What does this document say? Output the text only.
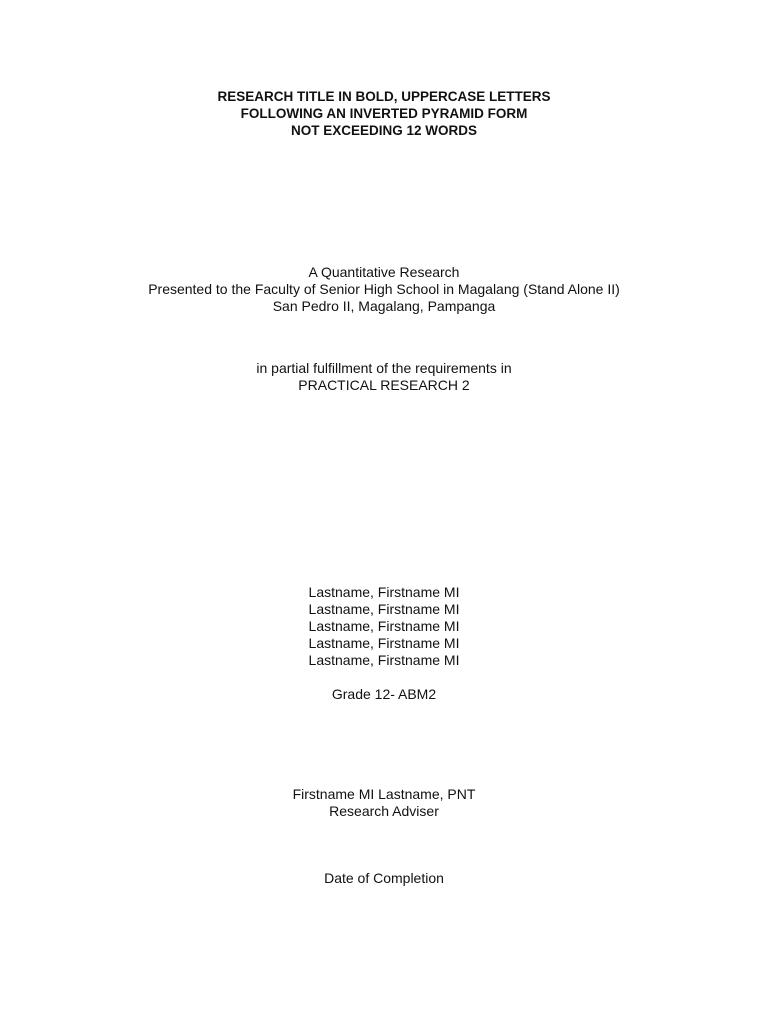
RESEARCH TITLE IN BOLD, UPPERCASE LETTERS
FOLLOWING AN INVERTED PYRAMID FORM
NOT EXCEEDING 12 WORDS
A Quantitative Research
Presented to the Faculty of Senior High School in Magalang (Stand Alone II)
San Pedro II, Magalang, Pampanga
in partial fulfillment of the requirements in
PRACTICAL RESEARCH 2
Lastname, Firstname MI
Lastname, Firstname MI
Lastname, Firstname MI
Lastname, Firstname MI
Lastname, Firstname MI
Grade 12- ABM2
Firstname MI Lastname, PNT
Research Adviser
Date of Completion
